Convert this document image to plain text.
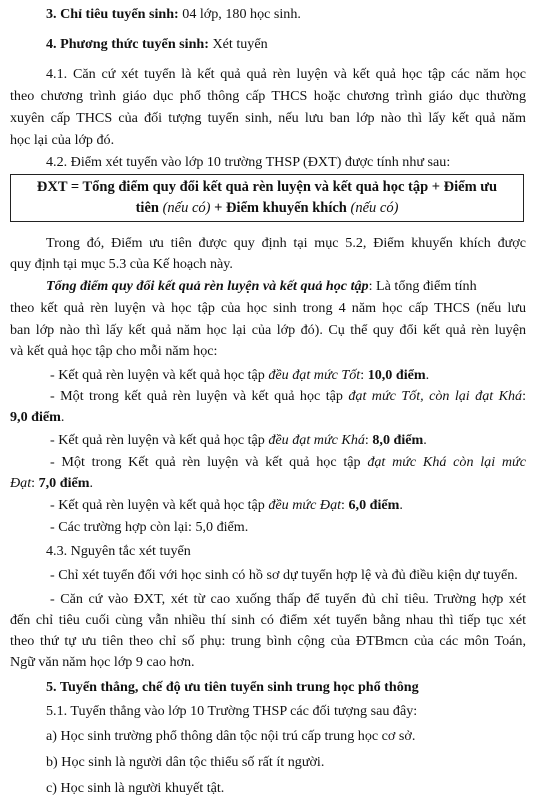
3. Chỉ tiêu tuyển sinh: 04 lớp, 180 học sinh.
4. Phương thức tuyển sinh: Xét tuyển
4.1. Căn cứ xét tuyển là kết quả quả rèn luyện và kết quả học tập các năm học
theo chương trình giáo dục phổ thông cấp THCS hoặc chương trình giáo dục thường
xuyên cấp THCS của đối tượng tuyển sinh, nếu lưu ban lớp nào thì lấy kết quả năm
học lại của lớp đó.
4.2. Điểm xét tuyển vào lớp 10 trường THSP (ĐXT) được tính như sau:
ĐXT = Tổng điểm quy đổi kết quả rèn luyện và kết quả học tập + Điểm ưu
tiên (nếu có) + Điểm khuyến khích (nếu có)
Trong đó, Điểm ưu tiên được quy định tại mục 5.2, Điểm khuyến khích được
quy định tại mục 5.3 của Kế hoạch này.
Tổng điểm quy đổi kết quả rèn luyện và kết quả học tập: Là tổng điểm tính
theo kết quả rèn luyện và học tập của học sinh trong 4 năm học cấp THCS (nếu lưu
ban lớp nào thì lấy kết quả năm học lại của lớp đó). Cụ thể quy đổi kết quả rèn luyện
và kết quả học tập cho mỗi năm học:
- Kết quả rèn luyện và kết quả học tập đều đạt mức Tốt: 10,0 điểm.
- Một trong kết quả rèn luyện và kết quả học tập đạt mức Tốt, còn lại đạt Khá:
9,0 điểm.
- Kết quả rèn luyện và kết quả học tập đều đạt mức Khá: 8,0 điểm.
- Một trong Kết quả rèn luyện và kết quả học tập đạt mức Khá còn lại mức
Đạt: 7,0 điểm.
- Kết quả rèn luyện và kết quả học tập đều mức Đạt: 6,0 điểm.
- Các trường hợp còn lại: 5,0 điểm.
4.3. Nguyên tắc xét tuyển
- Chỉ xét tuyển đối với học sinh có hồ sơ dự tuyển hợp lệ và đủ điều kiện dự tuyển.
- Căn cứ vào ĐXT, xét từ cao xuống thấp để tuyển đủ chỉ tiêu. Trường hợp xét
đến chỉ tiêu cuối cùng vẫn nhiều thí sinh có điểm xét tuyển bằng nhau thì tiếp tục xét
theo thứ tự ưu tiên theo chỉ số phụ: trung bình cộng của ĐTBmcn của các môn Toán,
Ngữ văn năm học lớp 9 cao hơn.
5. Tuyển thẳng, chế độ ưu tiên tuyển sinh trung học phổ thông
5.1. Tuyển thẳng vào lớp 10 Trường THSP các đối tượng sau đây:
a) Học sinh trường phổ thông dân tộc nội trú cấp trung học cơ sở.
b) Học sinh là người dân tộc thiểu số rất ít người.
c) Học sinh là người khuyết tật.
